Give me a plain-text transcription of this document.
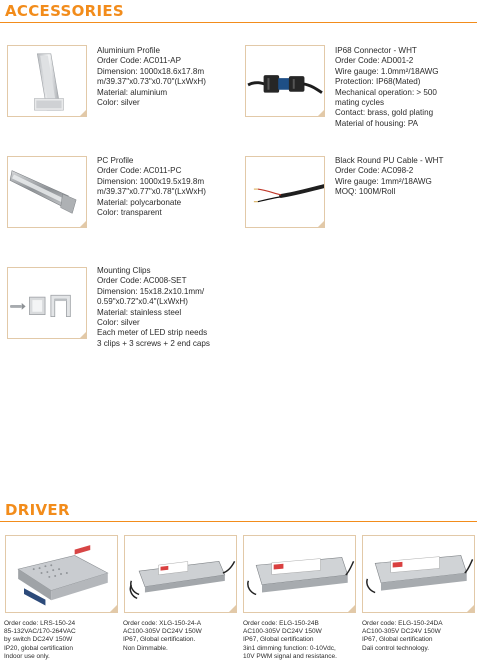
ACCESSORIES
Aluminium Profile
Order Code: AC011-AP
Dimension: 1000x18.6x17.8m
m/39.37"x0.73"x0.70"(LxWxH)
Material: aluminium
Color: silver
IP68 Connector - WHT
Order Code: AD001-2
Wire gauge: 1.0mm²/18AWG
Protection: IP68(Mated)
Mechanical operation: > 500
mating cycles
Contact: brass, gold plating
Material of housing: PA
PC Profile
Order Code: AC011-PC
Dimension: 1000x19.5x19.8m
m/39.37"x0.77"x0.78"(LxWxH)
Material: polycarbonate
Color: transparent
Black Round PU Cable - WHT
Order Code: AC098-2
Wire gauge: 1mm²/18AWG
MOQ: 100M/Roll
Mounting Clips
Order Code: AC008-SET
Dimension: 15x18.2x10.1mm/
0.59"x0.72"x0.4"(LxWxH)
Material: stainless steel
Color: silver
Each meter of LED strip needs
3 clips + 3 screws + 2 end caps
DRIVER
Order code: LRS-150-24
85-132VAC/170-264VAC
by switch DC24V 150W
IP20, global certification
Indoor use only.
Order code: XLG-150-24-A
AC100-305V DC24V 150W
IP67, Global certification.
Non Dimmable.
Order code: ELG-150-24B
AC100-305V DC24V 150W
IP67, Global certification
3in1 dimming function: 0-10Vdc,
10V PWM signal and resistance.
Order code: ELG-150-24DA
AC100-305V DC24V 150W
IP67, Global certification
Dali control technology.
